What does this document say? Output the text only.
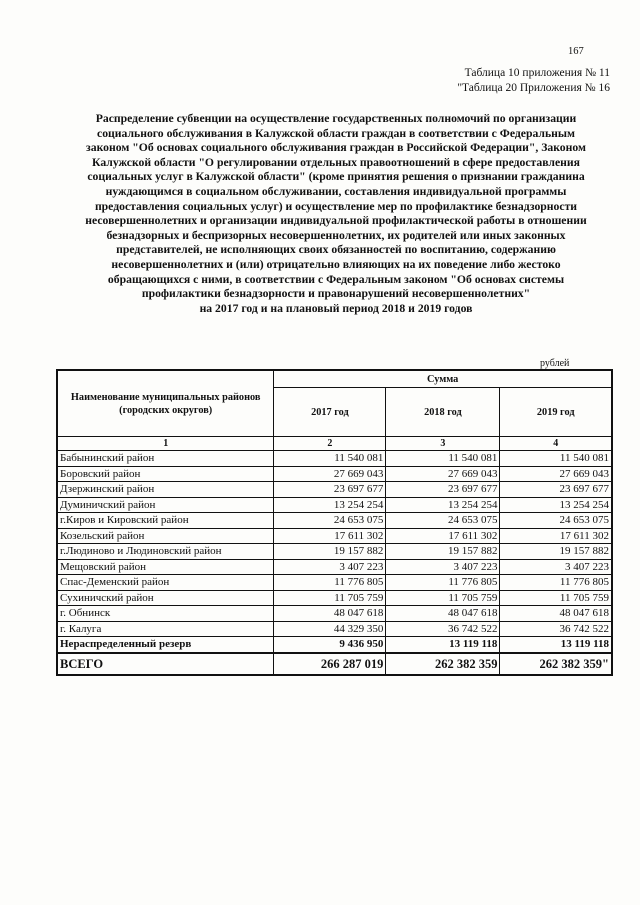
167
Таблица 10 приложения № 11
"Таблица 20 Приложения № 16
Распределение субвенции на осуществление государственных полномочий по организации
социального обслуживания в Калужской области граждан в соответствии с Федеральным
законом "Об основах социального обслуживания граждан в Российской Федерации", Законом
Калужской области "О регулировании отдельных правоотношений в сфере предоставления
социальных услуг в Калужской области" (кроме принятия решения о признании гражданина
нуждающимся в социальном обслуживании, составления индивидуальной программы
предоставления социальных услуг) и осуществление мер по профилактике безнадзорности
несовершеннолетних и организации индивидуальной профилактической работы в отношении
безнадзорных и беспризорных несовершеннолетних, их родителей или иных законных
представителей, не исполняющих своих обязанностей по воспитанию, содержанию
несовершеннолетних и (или) отрицательно влияющих на их поведение либо жестоко
обращающихся с ними, в соответствии с Федеральным законом "Об основах системы
профилактики безнадзорности и правонарушений несовершеннолетних"
на 2017 год и на плановый период 2018 и 2019 годов
рублей
Наименование муниципальных районов (городских округов)	Сумма		
	2017 год	2018 год	2019 год
1	2	3	4
Бабынинский район	11 540 081	11 540 081	11 540 081
Боровский район	27 669 043	27 669 043	27 669 043
Дзержинский район	23 697 677	23 697 677	23 697 677
Думиничский район	13 254 254	13 254 254	13 254 254
г.Киров и Кировский район	24 653 075	24 653 075	24 653 075
Козельский район	17 611 302	17 611 302	17 611 302
г.Людиново и Людиновский район	19 157 882	19 157 882	19 157 882
Мещовский район	3 407 223	3 407 223	3 407 223
Спас-Деменский район	11 776 805	11 776 805	11 776 805
Сухиничский район	11 705 759	11 705 759	11 705 759
г. Обнинск	48 047 618	48 047 618	48 047 618
г. Калуга	44 329 350	36 742 522	36 742 522
Нераспределенный резерв	9 436 950	13 119 118	13 119 118
ВСЕГО	266 287 019	262 382 359	262 382 359"
